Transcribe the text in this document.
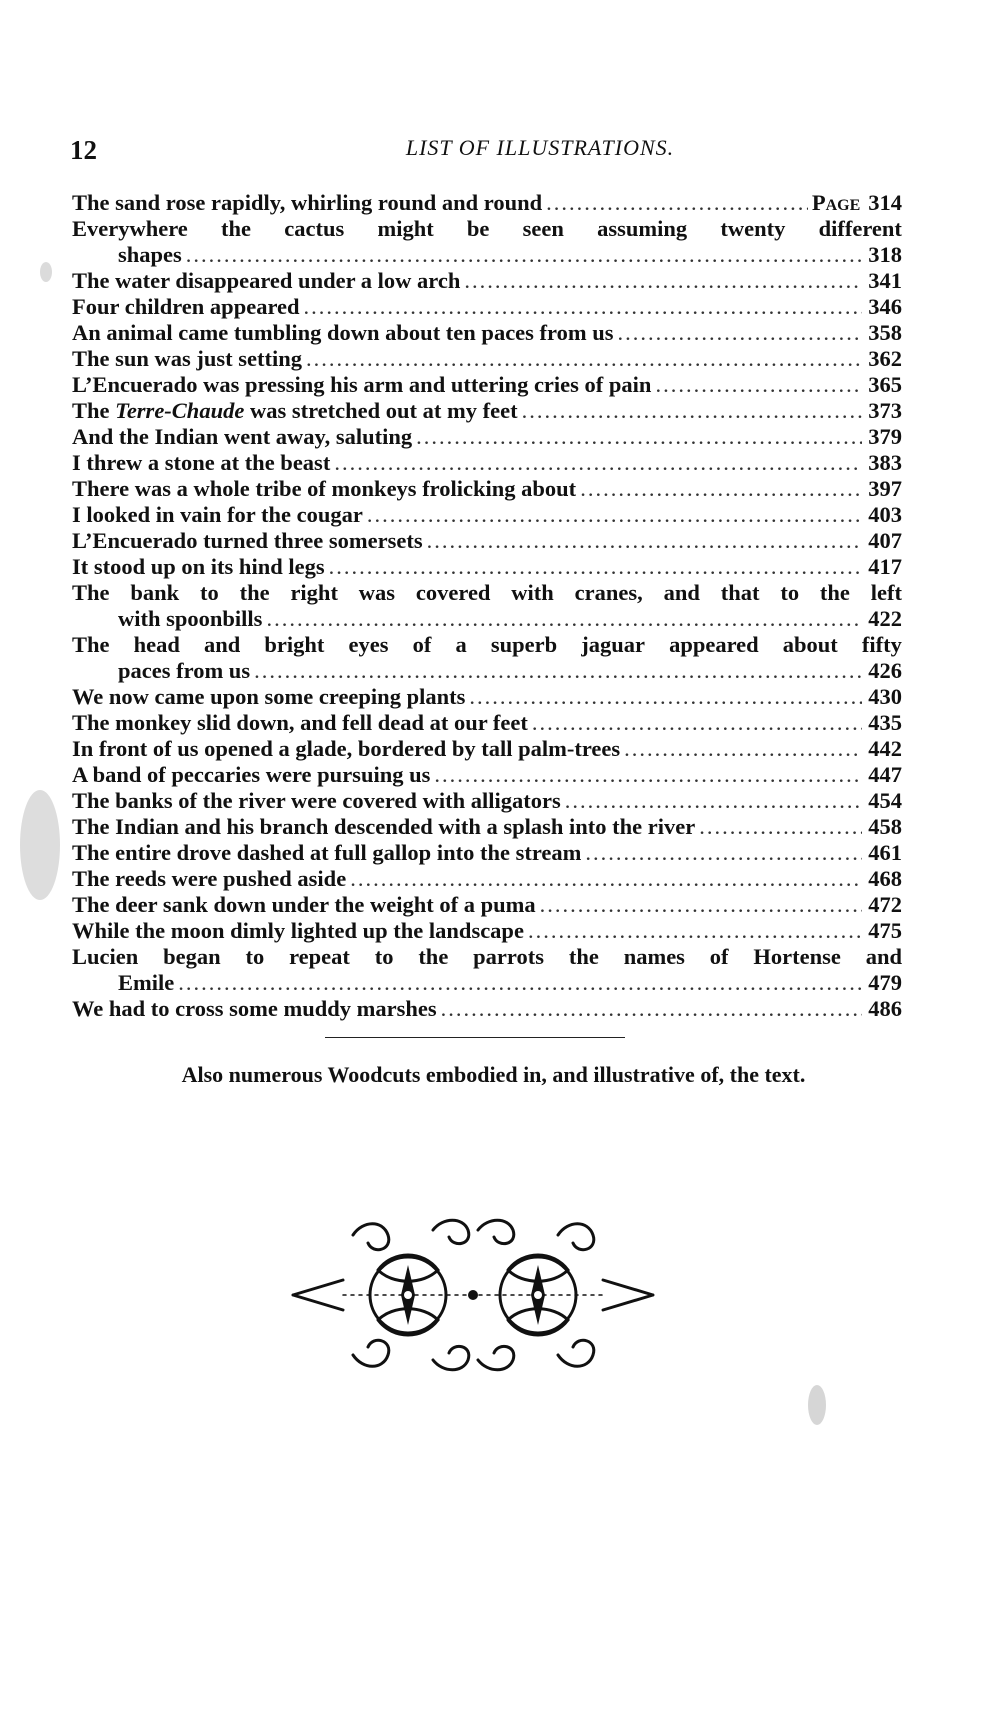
12	LIST OF ILLUSTRATIONS.
The sand rose rapidly, whirling round and round .....	Page 314
Everywhere the cactus might be seen assuming twenty different
shapes .....	318
The water disappeared under a low arch .....	341
Four children appeared .....	346
An animal came tumbling down about ten paces from us .....	358
The sun was just setting .....	362
L’Encuerado was pressing his arm and uttering cries of pain .....	365
The Terre-Chaude was stretched out at my feet .....	373
And the Indian went away, saluting .....	379
I threw a stone at the beast .....	383
There was a whole tribe of monkeys frolicking about .....	397
I looked in vain for the cougar .....	403
L’Encuerado turned three somersets .....	407
It stood up on its hind legs .....	417
The bank to the right was covered with cranes, and that to the left
with spoonbills .....	422
The head and bright eyes of a superb jaguar appeared about fifty
paces from us .....	426
We now came upon some creeping plants .....	430
The monkey slid down, and fell dead at our feet .....	435
In front of us opened a glade, bordered by tall palm-trees .....	442
A band of peccaries were pursuing us .....	447
The banks of the river were covered with alligators .....	454
The Indian and his branch descended with a splash into the river .....	458
The entire drove dashed at full gallop into the stream .....	461
The reeds were pushed aside .....	468
The deer sank down under the weight of a puma .....	472
While the moon dimly lighted up the landscape .....	475
Lucien began to repeat to the parrots the names of Hortense and
Emile .....	479
We had to cross some muddy marshes .....	486
Also numerous Woodcuts embodied in, and illustrative of, the text.
